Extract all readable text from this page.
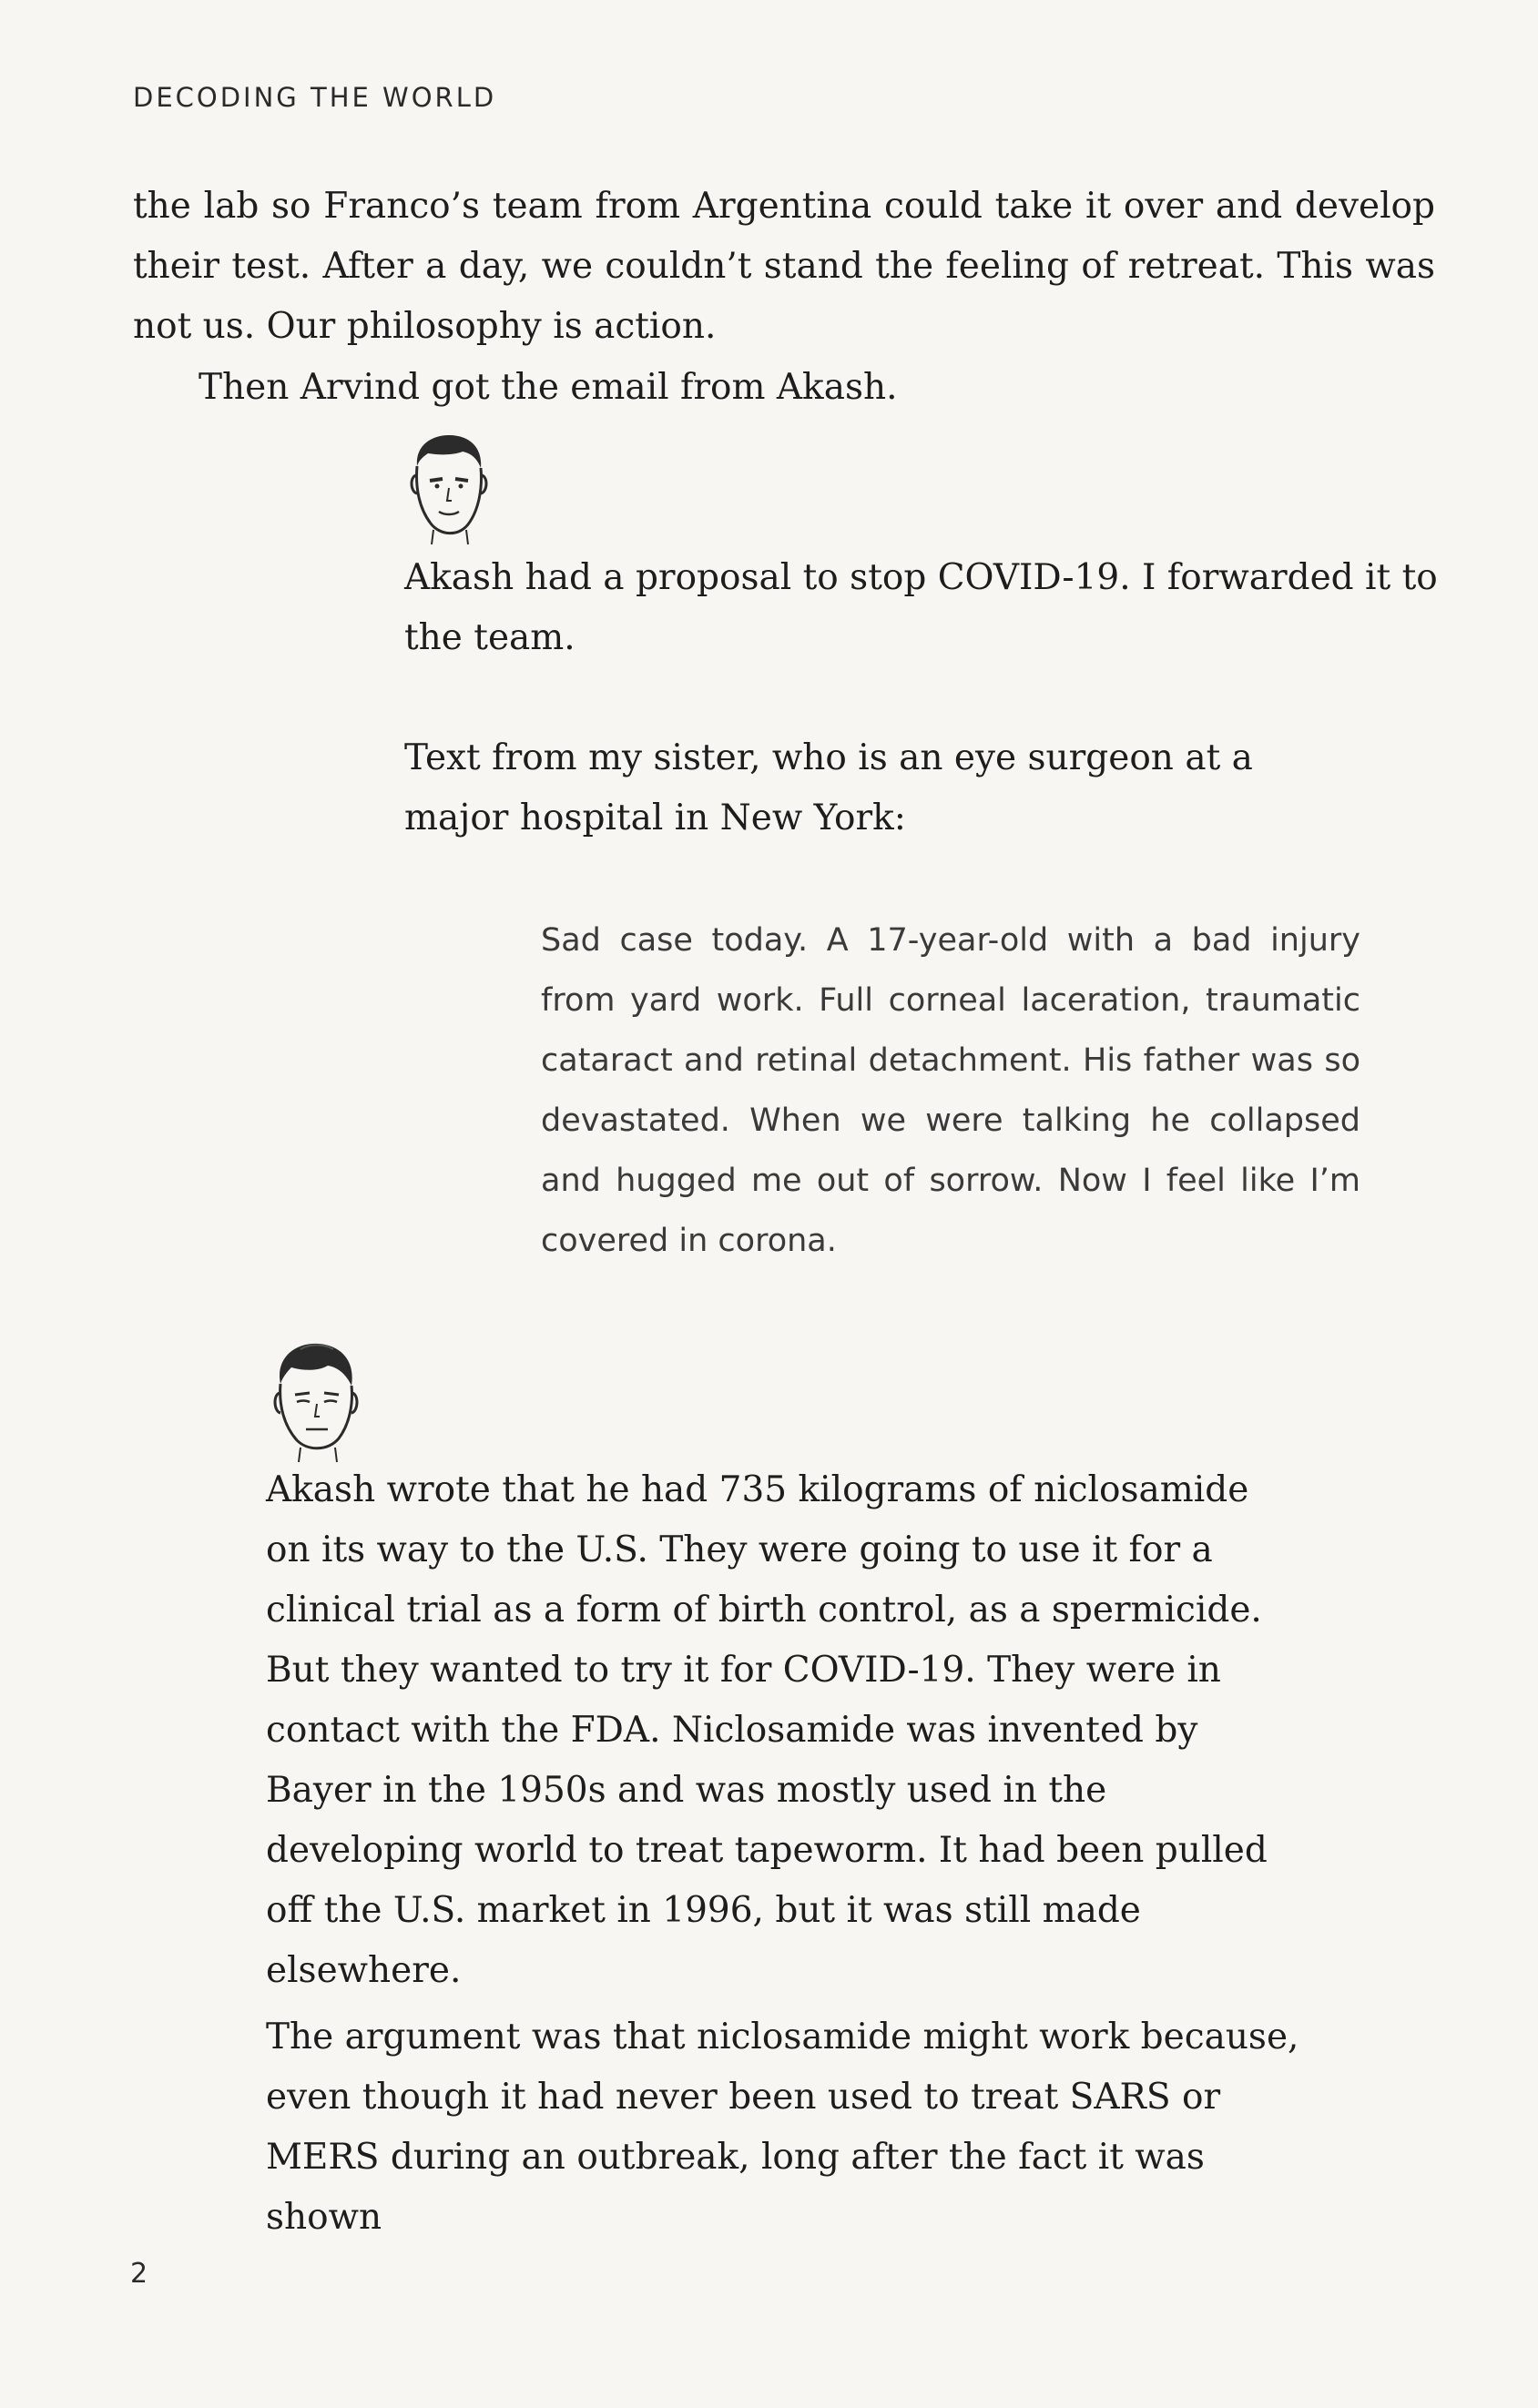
DECODING THE WORLD

the lab so Franco’s team from Argentina could take it over and develop their test. After a day, we couldn’t stand the feeling of retreat. This was not us. Our philosophy is action.

Then Arvind got the email from Akash.

Akash had a proposal to stop COVID-19. I forwarded it to the team.

Text from my sister, who is an eye surgeon at a major hospital in New York:

Sad case today. A 17-year-old with a bad injury from yard work. Full corneal laceration, traumatic cataract and retinal detachment. His father was so devastated. When we were talking he collapsed and hugged me out of sorrow. Now I feel like I’m covered in corona.

Akash wrote that he had 735 kilograms of niclosamide on its way to the U.S. They were going to use it for a clinical trial as a form of birth control, as a spermicide. But they wanted to try it for COVID-19. They were in contact with the FDA. Niclosamide was invented by Bayer in the 1950s and was mostly used in the developing world to treat tapeworm. It had been pulled off the U.S. market in 1996, but it was still made elsewhere.

The argument was that niclosamide might work because, even though it had never been used to treat SARS or MERS during an outbreak, long after the fact it was shown

2
